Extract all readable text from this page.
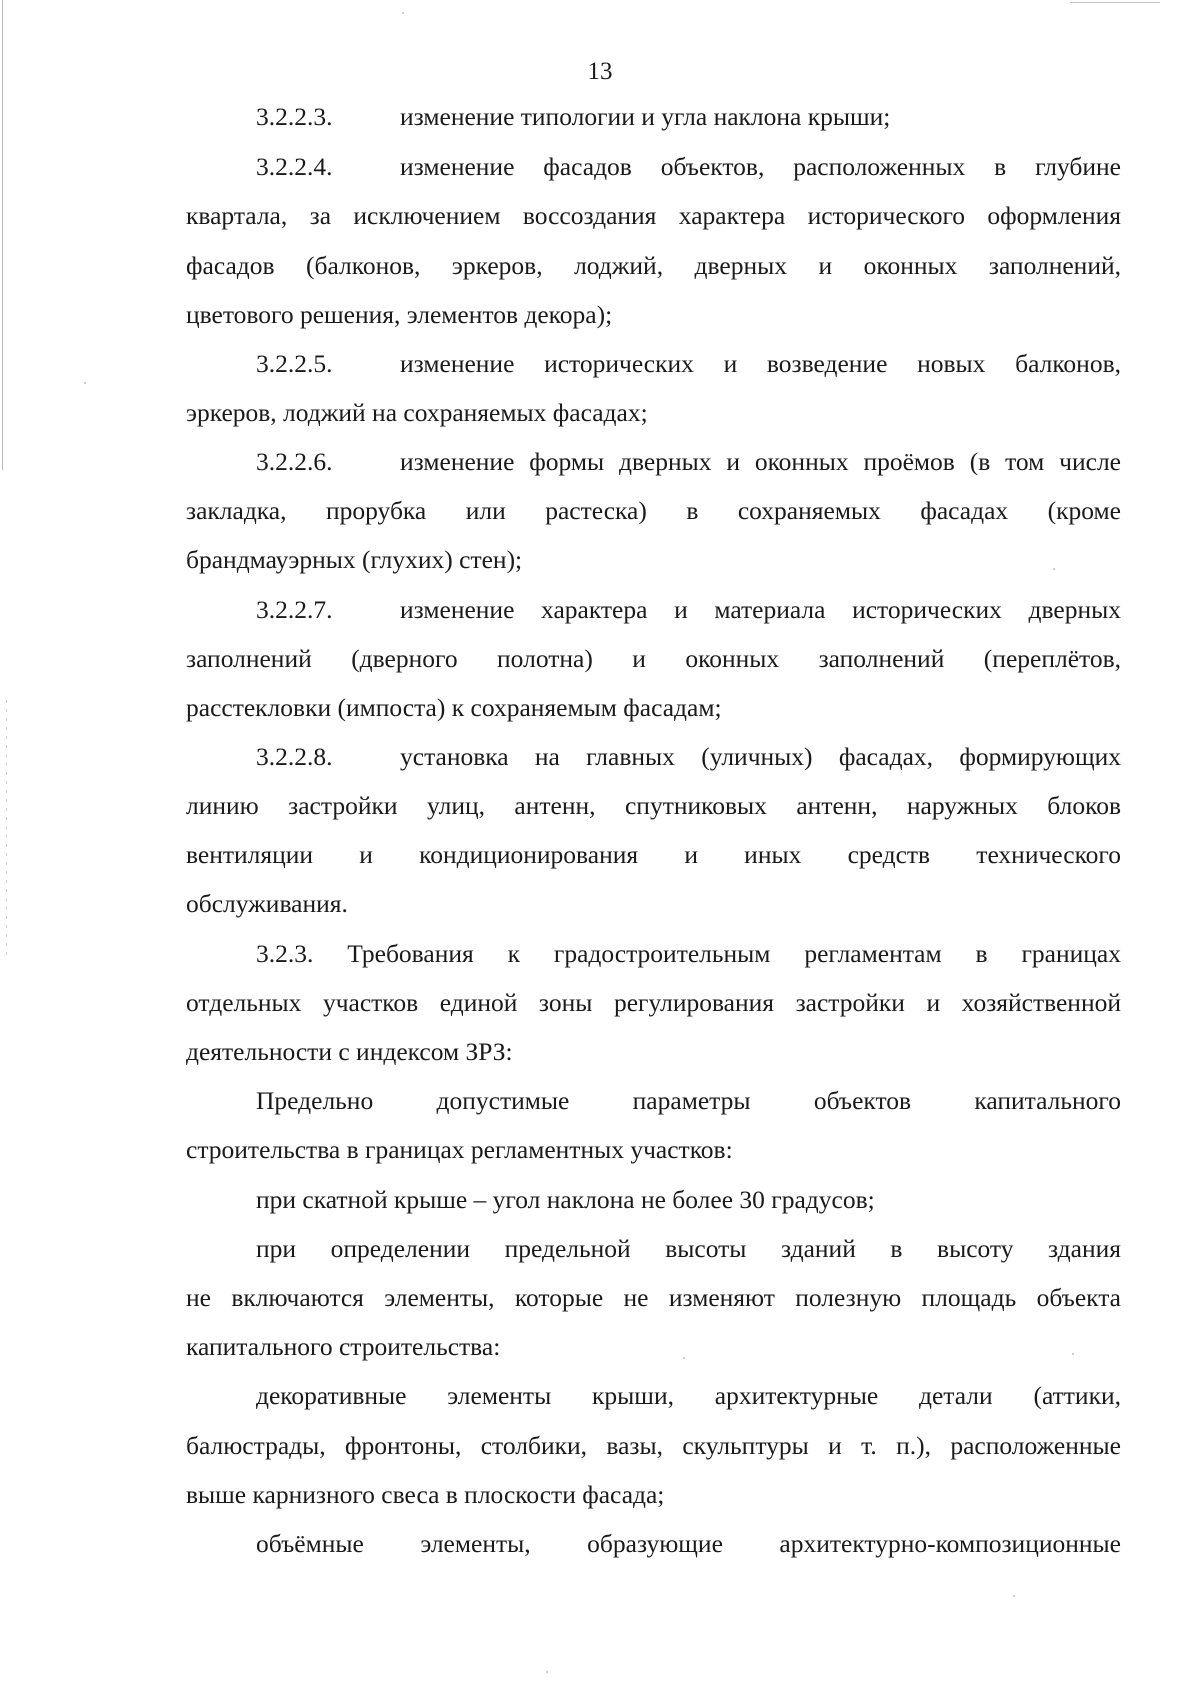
13
3.2.2.3.	изменение типологии и угла наклона крыши;
3.2.2.4.	изменение фасадов объектов, расположенных в глубине
квартала, за исключением воссоздания характера исторического оформления
фасадов (балконов, эркеров, лоджий, дверных и оконных заполнений,
цветового решения, элементов декора);
3.2.2.5.	изменение исторических и возведение новых балконов,
эркеров, лоджий на сохраняемых фасадах;
3.2.2.6.	изменение формы дверных и оконных проёмов (в том числе
закладка, прорубка или растеска) в сохраняемых фасадах (кроме
брандмауэрных (глухих) стен);
3.2.2.7.	изменение характера и материала исторических дверных
заполнений (дверного полотна) и оконных заполнений (переплётов,
расстекловки (импоста) к сохраняемым фасадам;
3.2.2.8.	установка на главных (уличных) фасадах, формирующих
линию застройки улиц, антенн, спутниковых антенн, наружных блоков
вентиляции и кондиционирования и иных средств технического
обслуживания.
3.2.3. Требования к градостроительным регламентам в границах
отдельных участков единой зоны регулирования застройки и хозяйственной
деятельности с индексом ЗРЗ:
Предельно допустимые параметры объектов капитального
строительства в границах регламентных участков:
при скатной крыше – угол наклона не более 30 градусов;
при определении предельной высоты зданий в высоту здания
не включаются элементы, которые не изменяют полезную площадь объекта
капитального строительства:
декоративные элементы крыши, архитектурные детали (аттики,
балюстрады, фронтоны, столбики, вазы, скульптуры и т. п.), расположенные
выше карнизного свеса в плоскости фасада;
объёмные элементы, образующие архитектурно-композиционные
